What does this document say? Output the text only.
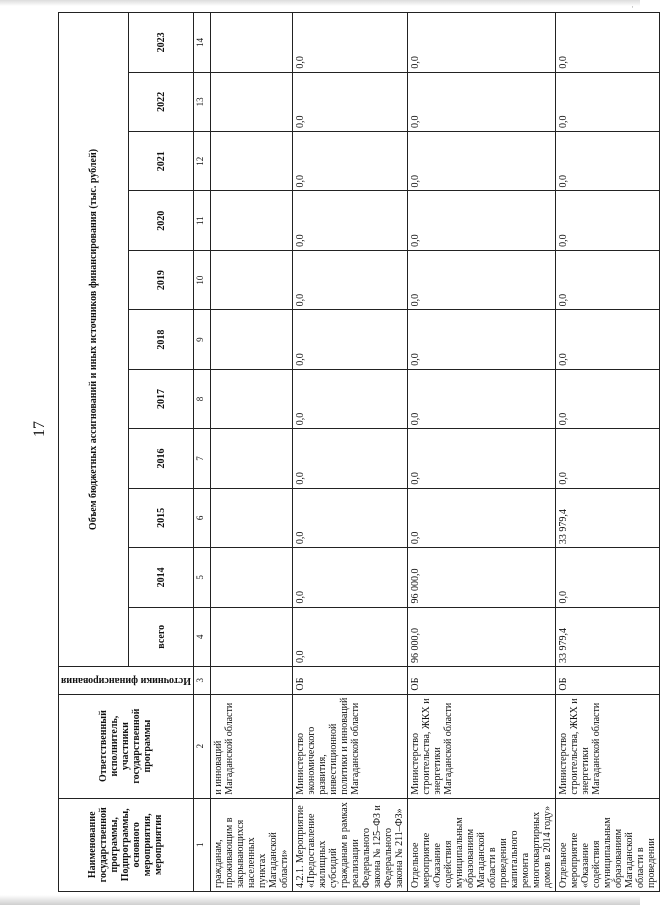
·
17
Наименование государственной программы, Подпрограммы, основного мероприятия, мероприятия	Ответственный исполнитель, участники государственной программы	Источники финансирования	Объем бюджетных ассигнований и иных источников финансирования (тыс. рублей)										
			всего	2014	2015	2016	2017	2018	2019	2020	2021	2022	2023
1	2	3	4	5	6	7	8	9	10	11	12	13	14
гражданам, проживающим в закрывающихся населенных пунктах Магаданской области»	и инноваций Магаданской области												
4.2.1. Мероприятие «Предоставление жилищных субсидий гражданам в рамках реализации Федерального закона № 125–ФЗ и Федерального закона № 211–ФЗ»	Министерство экономического развития, инвестиционной политики и инноваций Магаданской области	ОБ	0,0	0,0	0,0	0,0	0,0	0,0	0,0	0,0	0,0	0,0	0,0
Отдельное мероприятие «Оказание содействия муниципальным образованиям Магаданской области в проведении капитального ремонта многоквартирных домов в 2014 году»	Министерство строительства, ЖКХ и энергетики Магаданской области	ОБ	96 000,0	96 000,0	0,0	0,0	0,0	0,0	0,0	0,0	0,0	0,0	0,0
Отдельное мероприятие «Оказание содействия муниципальным образованиям Магаданской области в проведении	Министерство строительства, ЖКХ и энергетики Магаданской области	ОБ	33 979,4	0,0	33 979,4	0,0	0,0	0,0	0,0	0,0	0,0	0,0	0,0
